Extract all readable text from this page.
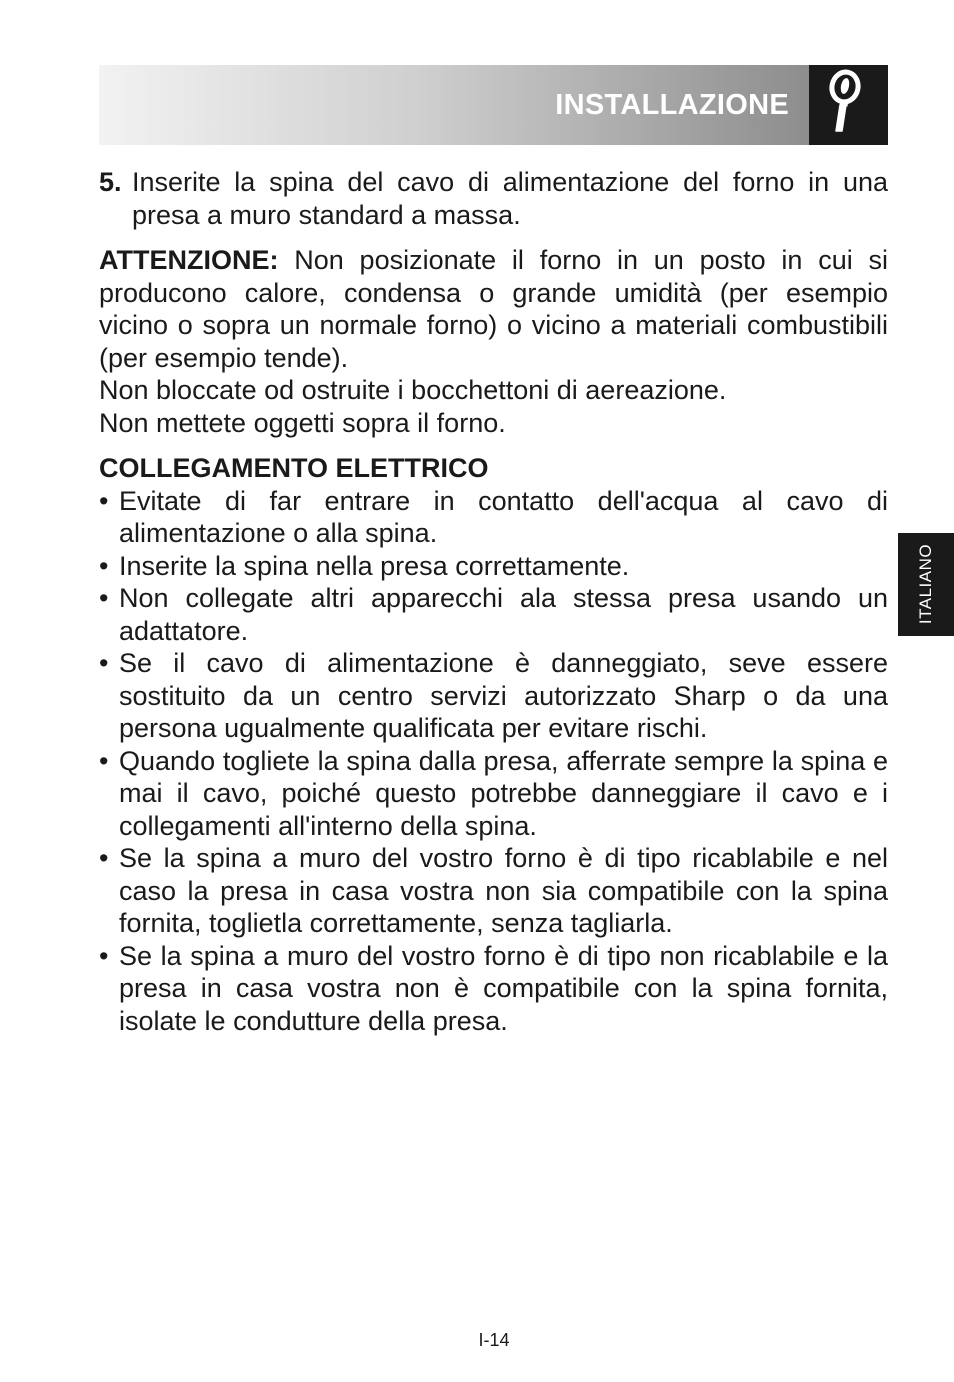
INSTALLAZIONE
5. Inserite la spina del cavo di alimentazione del forno in una presa a muro standard a massa.
ATTENZIONE: Non posizionate il forno in un posto in cui si producono calore, condensa o grande umidità (per esempio vicino o sopra un normale forno) o vicino a materiali combustibili (per esempio tende).
Non bloccate od ostruite i bocchettoni di aereazione.
Non mettete oggetti sopra il forno.
COLLEGAMENTO ELETTRICO
• Evitate di far entrare in contatto dell'acqua al cavo di alimentazione o alla spina.
• Inserite la spina nella presa correttamente.
• Non collegate altri apparecchi ala stessa presa usando un adattatore.
• Se il cavo di alimentazione è danneggiato, seve essere sostituito da un centro servizi autorizzato Sharp o da una persona ugualmente qualificata per evitare rischi.
• Quando togliete la spina dalla presa, afferrate sempre la spina e mai il cavo, poiché questo potrebbe danneggiare il cavo e i collegamenti all'interno della spina.
• Se la spina a muro del vostro forno è di tipo ricablabile e nel caso la presa in casa vostra non sia compatibile con la spina fornita, toglietla correttamente, senza tagliarla.
• Se la spina a muro del vostro forno è di tipo non ricablabile e la presa in casa vostra non è compatibile con la spina fornita, isolate le condutture della presa.
ITALIANO
I-14
